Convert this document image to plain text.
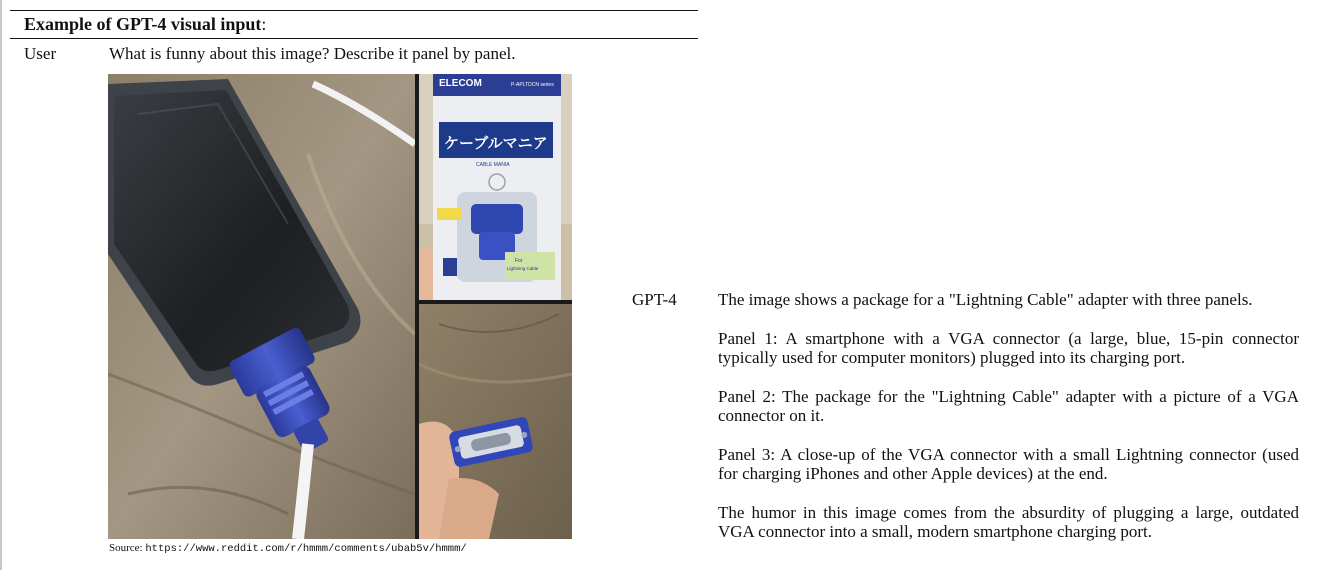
Example of GPT-4 visual input:
User	What is funny about this image? Describe it panel by panel.
ELECOM	P-APLTDCN series
ケーブルマニア
CABLE MANIA
For
Lightning Cable
Source: https://www.reddit.com/r/hmmm/comments/ubab5v/hmmm/
GPT-4 The image shows a package for a "Lightning Cable" adapter with three panels.

Panel 1: A smartphone with a VGA connector (a large, blue, 15-pin connector typically used for computer monitors) plugged into its charging port.

Panel 2: The package for the "Lightning Cable" adapter with a picture of a VGA connector on it.

Panel 3: A close-up of the VGA connector with a small Lightning connector (used for charging iPhones and other Apple devices) at the end.

The humor in this image comes from the absurdity of plugging a large, outdated VGA connector into a small, modern smartphone charging port.
